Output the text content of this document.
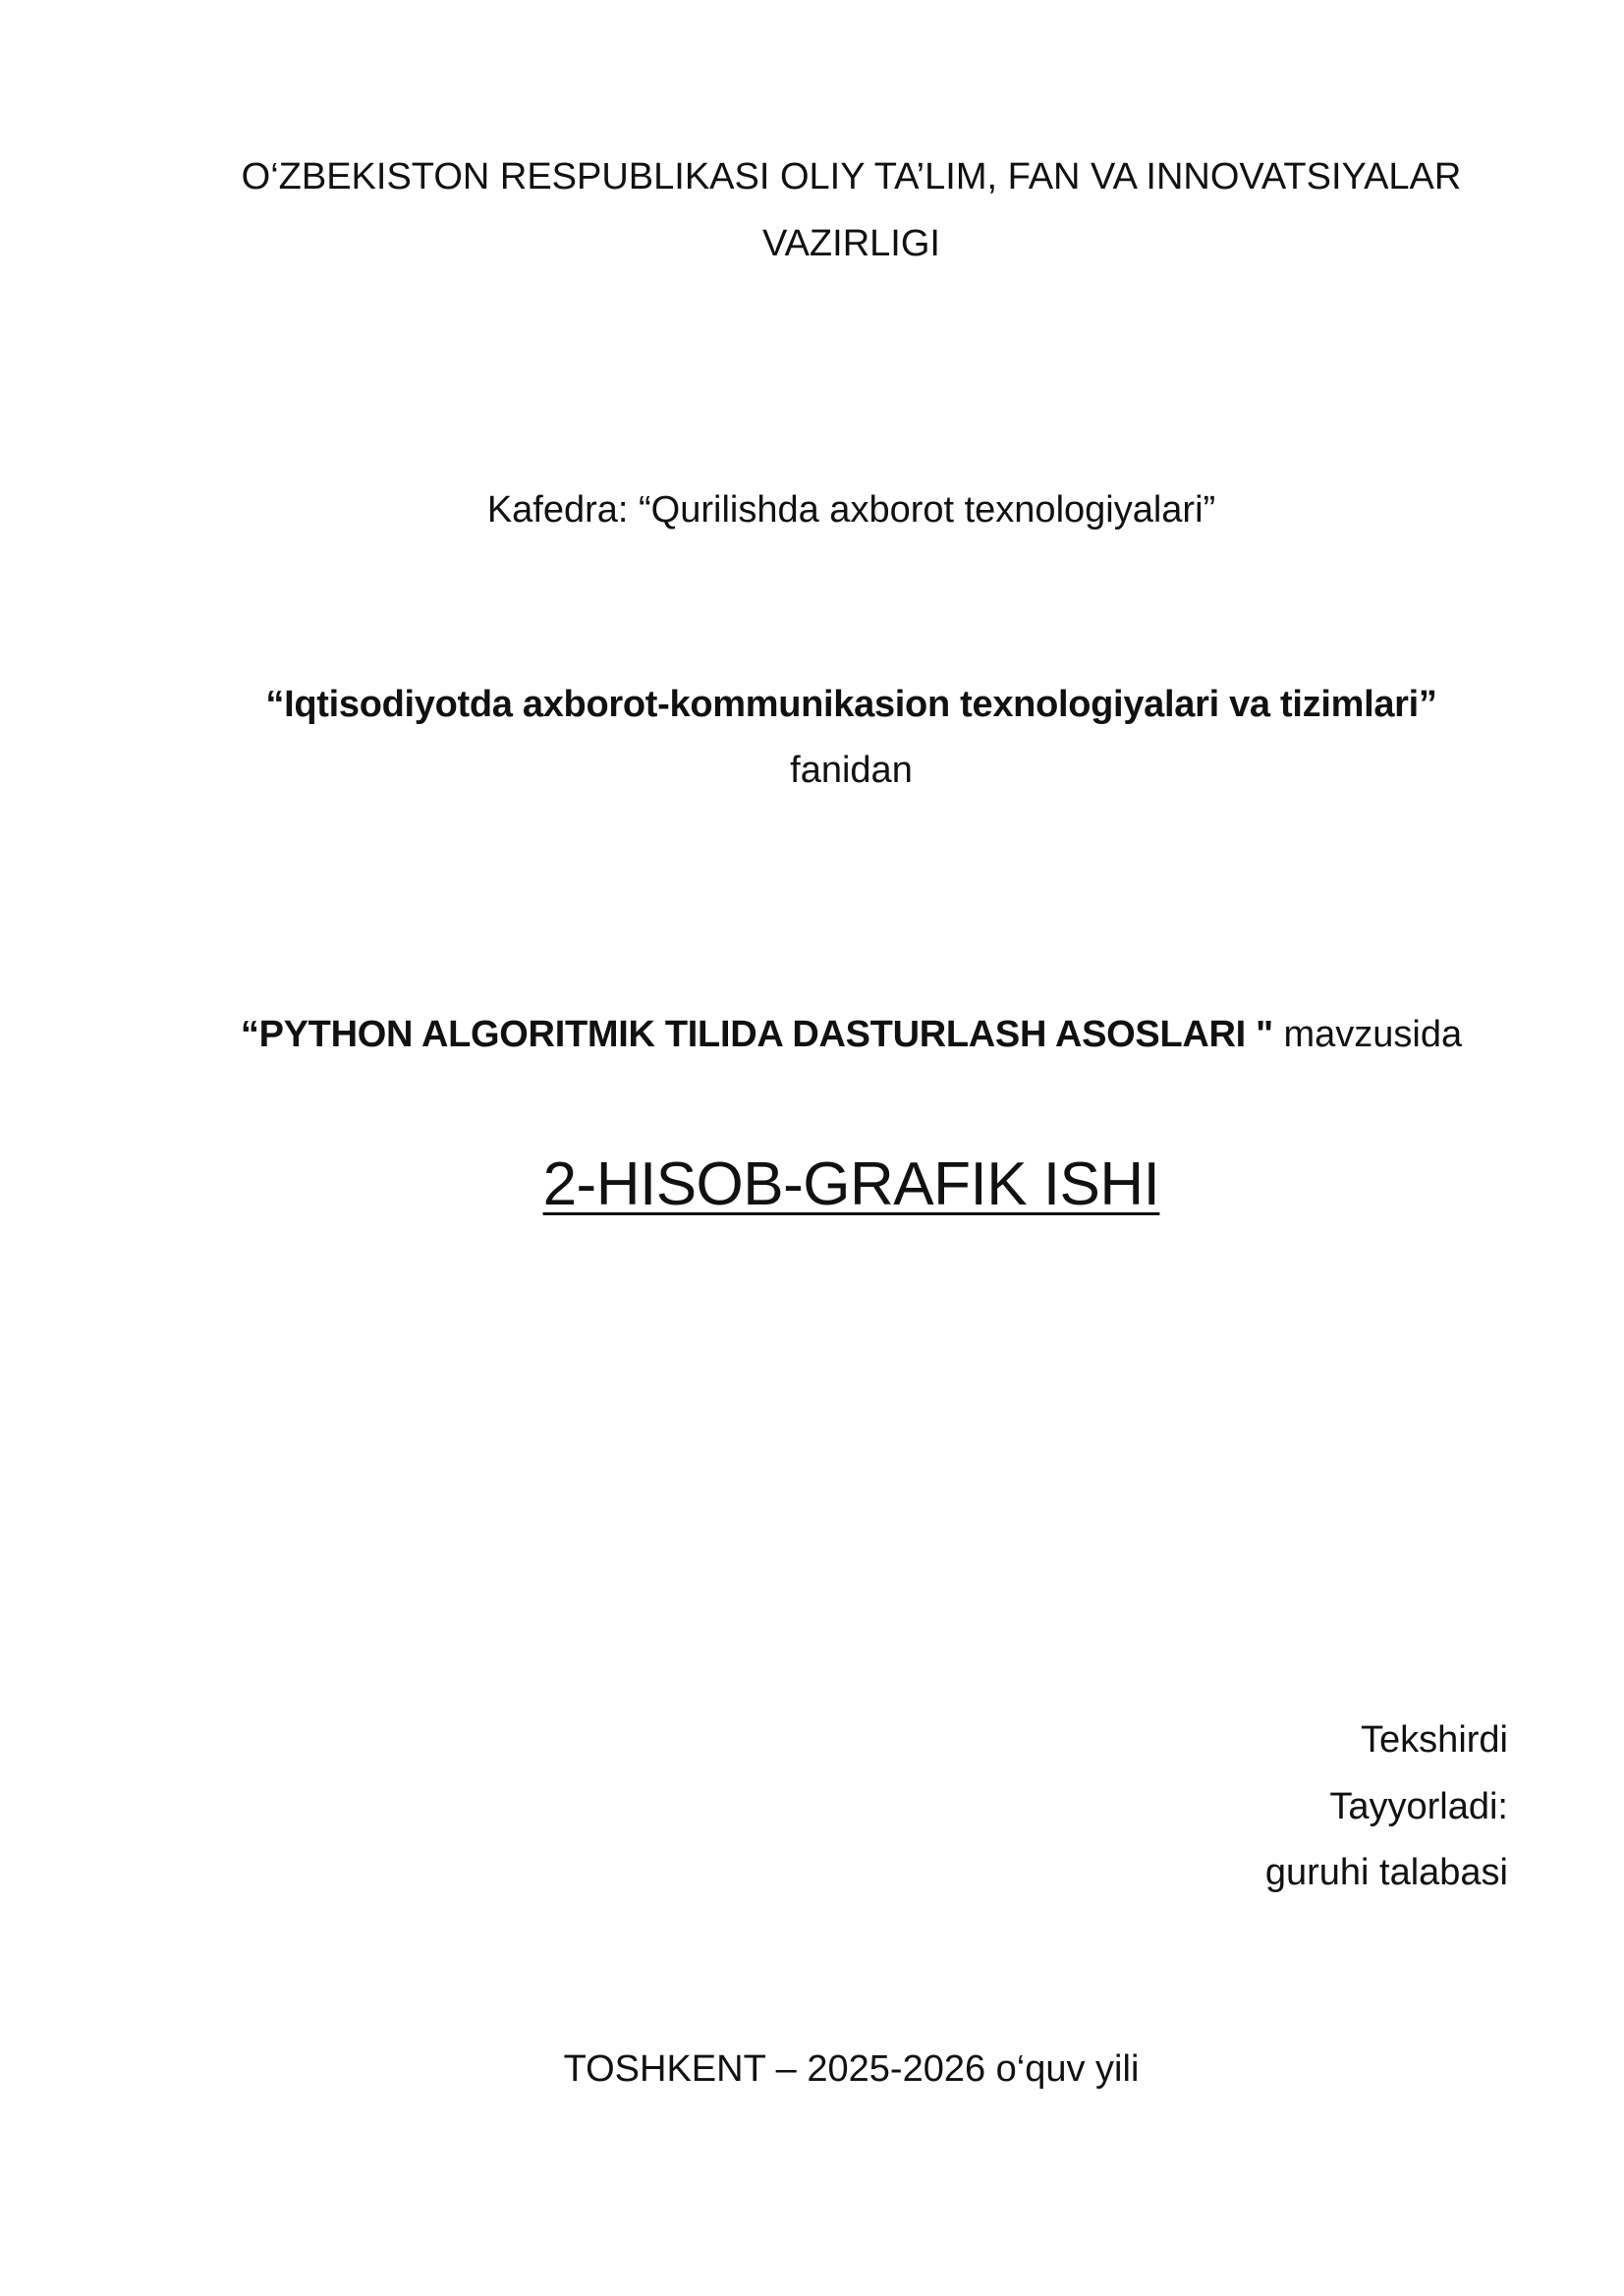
O‘ZBEKISTON RESPUBLIKASI OLIY TA’LIM, FAN VA INNOVATSIYALAR
VAZIRLIGI
Kafedra: “Qurilishda axborot texnologiyalari”
“Iqtisodiyotda axborot-kommunikasion texnologiyalari va tizimlari”
fanidan
“PYTHON ALGORITMIK TILIDA DASTURLASH ASOSLARI " mavzusida
2-HISOB-GRAFIK ISHI
Tekshirdi
Tayyorladi:
guruhi talabasi
TOSHKENT – 2025-2026 o‘quv yili
